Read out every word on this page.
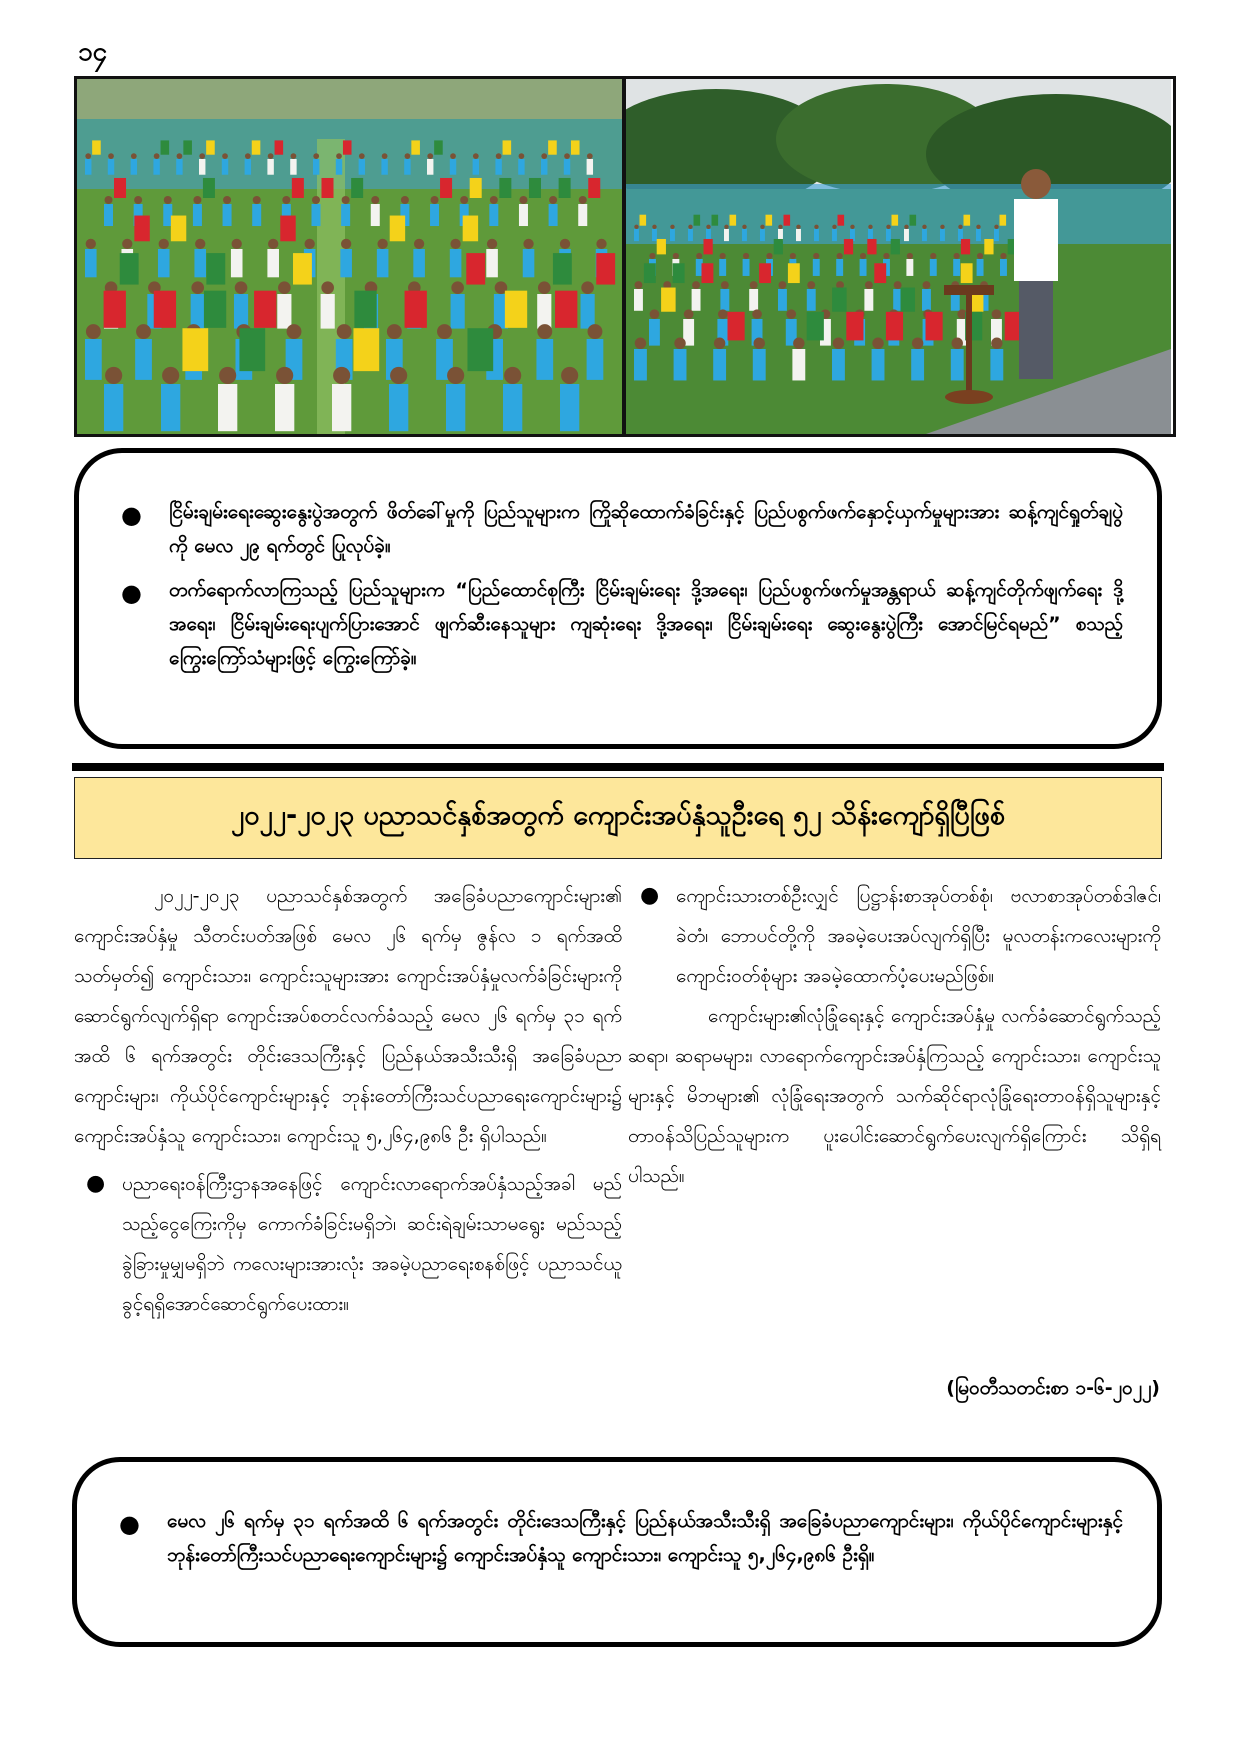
၁၄
● ငြိမ်းချမ်းရေးဆွေးနွေးပွဲအတွက် ဖိတ်ခေါ်မှုကို ပြည်သူများက ကြိုဆိုထောက်ခံခြင်းနှင့် ပြည်ပစွက်ဖက်နှောင့်ယှက်မှုများအား ဆန့်ကျင်ရှုတ်ချပွဲကို မေလ ၂၉ ရက်တွင် ပြုလုပ်ခဲ့။
● တက်ရောက်လာကြသည့် ပြည်သူများက “ပြည်ထောင်စုကြီး ငြိမ်းချမ်းရေး ဒို့အရေး၊ ပြည်ပစွက်ဖက်မှုအန္တရာယ် ဆန့်ကျင်တိုက်ဖျက်ရေး ဒို့အရေး၊ ငြိမ်းချမ်းရေးပျက်ပြားအောင် ဖျက်ဆီးနေသူများ ကျဆုံးရေး ဒို့အရေး၊ ငြိမ်းချမ်းရေး ဆွေးနွေးပွဲကြီး အောင်မြင်ရမည်” စသည့်ကြွေးကြော်သံများဖြင့် ကြွေးကြော်ခဲ့။
၂၀၂၂-၂၀၂၃ ပညာသင်နှစ်အတွက် ကျောင်းအပ်နှံသူဦးရေ ၅၂ သိန်းကျော်ရှိပြီဖြစ်

၂၀၂၂-၂၀၂၃ ပညာသင်နှစ်အတွက် အခြေခံပညာကျောင်းများ၏ ကျောင်းအပ်နှံမှု သီတင်းပတ်အဖြစ် မေလ ၂၆ ရက်မှ ဇွန်လ ၁ ရက်အထိသတ်မှတ်၍ ကျောင်းသား၊ ကျောင်းသူများအား ကျောင်းအပ်နှံမှုလက်ခံခြင်းများကို ဆောင်ရွက်လျက်ရှိရာ ကျောင်းအပ်စတင်လက်ခံသည့် မေလ ၂၆ ရက်မှ ၃၁ ရက်အထိ ၆ ရက်အတွင်း တိုင်းဒေသကြီးနှင့် ပြည်နယ်အသီးသီးရှိ အခြေခံပညာကျောင်းများ၊ ကိုယ်ပိုင်ကျောင်းများနှင့် ဘုန်းတော်ကြီးသင်ပညာရေးကျောင်းများ၌ ကျောင်းအပ်နှံသူ ကျောင်းသား၊ ကျောင်းသူ ၅,၂၆၄,၉၈၆ ဦး ရှိပါသည်။

● ပညာရေးဝန်ကြီးဌာနအနေဖြင့် ကျောင်းလာရောက်အပ်နှံသည့်အခါ မည်သည့်ငွေကြေးကိုမှ ကောက်ခံခြင်းမရှိဘဲ၊ ဆင်းရဲချမ်းသာမရွေး မည်သည့်ခွဲခြားမှုမျှမရှိဘဲ ကလေးများအားလုံး အခမဲ့ပညာရေးစနစ်ဖြင့် ပညာသင်ယူခွင့်ရရှိအောင်ဆောင်ရွက်ပေးထား။

● ကျောင်းသားတစ်ဦးလျှင် ပြဋ္ဌာန်းစာအုပ်တစ်စုံ၊ ဗလာစာအုပ်တစ်ဒါဇင်၊ ခဲတံ၊ ဘောပင်တို့ကို အခမဲ့ပေးအပ်လျက်ရှိပြီး မူလတန်းကလေးများကို ကျောင်းဝတ်စုံများ အခမဲ့ထောက်ပံ့ပေးမည်ဖြစ်။

ကျောင်းများ၏လုံခြုံရေးနှင့် ကျောင်းအပ်နှံမှု လက်ခံဆောင်ရွက်သည့် ဆရာ၊ ဆရာမများ၊ လာရောက်ကျောင်းအပ်နှံကြသည့် ကျောင်းသား၊ ကျောင်းသူများနှင့် မိဘများ၏ လုံခြုံရေးအတွက် သက်ဆိုင်ရာလုံခြုံရေးတာဝန်ရှိသူများနှင့် တာဝန်သိပြည်သူများက ပူးပေါင်းဆောင်ရွက်ပေးလျက်ရှိကြောင်း သိရှိရပါသည်။

(မြဝတီသတင်းစာ ၁-၆-၂၀၂၂)
● မေလ ၂၆ ရက်မှ ၃၁ ရက်အထိ ၆ ရက်အတွင်း တိုင်းဒေသကြီးနှင့် ပြည်နယ်အသီးသီးရှိ အခြေခံပညာကျောင်းများ၊ ကိုယ်ပိုင်ကျောင်းများနှင့် ဘုန်းတော်ကြီးသင်ပညာရေးကျောင်းများ၌ ကျောင်းအပ်နှံသူ ကျောင်းသား၊ ကျောင်းသူ ၅,၂၆၄,၉၈၆ ဦးရှိ။
